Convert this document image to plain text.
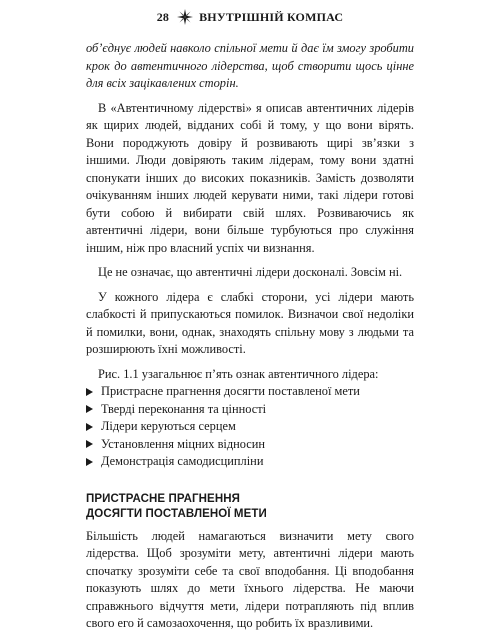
28	ВНУТРІШНІЙ КОМПАС

об’єднує людей навколо спільної мети й дає їм змогу зробити крок до автентичного лідерства, щоб створити щось цінне для всіх зацікавлених сторін.

В «Автентичному лідерстві» я описав автентичних лідерів як щирих людей, відданих собі й тому, у що вони вірять. Вони породжують довіру й розвивають щирі зв’язки з іншими. Люди довіряють таким лідерам, тому вони здатні спонукати інших до високих показників. Замість дозволяти очікуванням інших людей керувати ними, такі лідери готові бути собою й вибирати свій шлях. Розвиваючись як автентичні лідери, вони більше турбуються про служіння іншим, ніж про власний успіх чи визнання.

Це не означає, що автентичні лідери досконалі. Зовсім ні.

У кожного лідера є слабкі сторони, усі лідери мають слабкості й припускаються помилок. Визначои свої недоліки й помилки, вони, однак, знаходять спільну мову з людьми та розширюють їхні можливості.

Рис. 1.1 узагальнює п’ять ознак автентичного лідера:

Пристрасне прагнення досягти поставленої мети
Тверді переконання та цінності
Лідери керуються серцем
Установлення міцних відносин
Демонстрація самодисципліни
ПРИСТРАСНЕ ПРАГНЕННЯ
ДОСЯГТИ ПОСТАВЛЕНОЇ МЕТИ

Більшість людей намагаються визначити мету свого лідерства. Щоб зрозуміти мету, автентичні лідери мають спочатку зрозуміти себе та свої вподобання. Ці вподобання показують шлях до мети їхнього лідерства. Не маючи справжнього відчуття мети, лідери потрапляють під вплив свого его й самозаохочення, що робить їх вразливими.
